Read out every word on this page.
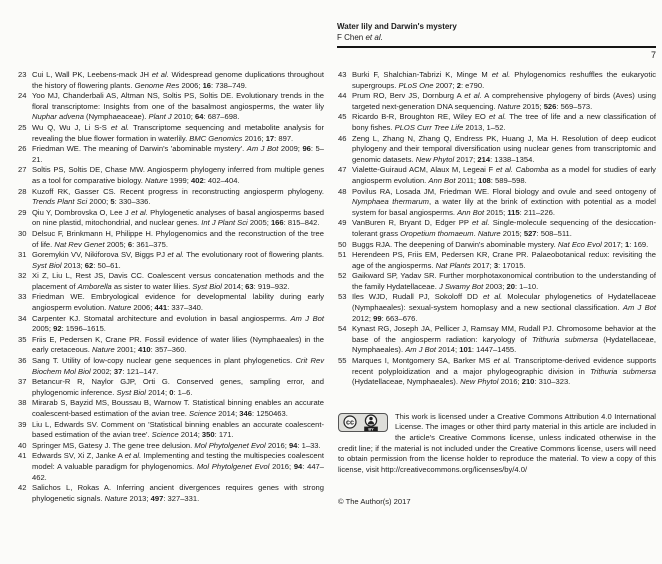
Water lily and Darwin's mystery
F Chen et al.
7
23 Cui L, Wall PK, Leebens-mack JH et al. Widespread genome duplications throughout the history of flowering plants. Genome Res 2006; 16: 738–749.
24 Yoo MJ, Chanderbali AS, Altman NS, Soltis PS, Soltis DE. Evolutionary trends in the floral transcriptome: Insights from one of the basalmost angiosperms, the water lily Nuphar advena (Nymphaeaceae). Plant J 2010; 64: 687–698.
25 Wu Q, Wu J, Li S-S et al. Transcriptome sequencing and metabolite analysis for revealing the blue flower formation in waterlily. BMC Genomics 2016; 17: 897.
26 Friedman WE. The meaning of Darwin's 'abominable mystery'. Am J Bot 2009; 96: 5–21.
27 Soltis PS, Soltis DE, Chase MW. Angiosperm phylogeny inferred from multiple genes as a tool for comparative biology. Nature 1999; 402: 402–404.
28 Kuzoff RK, Gasser CS. Recent progress in reconstructing angiosperm phylogeny. Trends Plant Sci 2000; 5: 330–336.
29 Qiu Y, Dombrovska O, Lee J et al. Phylogenetic analyses of basal angiosperms based on nine plastid, mitochondrial, and nuclear genes. Int J Plant Sci 2005; 166: 815–842.
30 Delsuc F, Brinkmann H, Philippe H. Phylogenomics and the reconstruction of the tree of life. Nat Rev Genet 2005; 6: 361–375.
31 Goremykin VV, Nikiforova SV, Biggs PJ et al. The evolutionary root of flowering plants. Syst Biol 2013; 62: 50–61.
32 Xi Z, Liu L, Rest JS, Davis CC. Coalescent versus concatenation methods and the placement of Amborella as sister to water lilies. Syst Biol 2014; 63: 919–932.
33 Friedman WE. Embryological evidence for developmental lability during early angiosperm evolution. Nature 2006; 441: 337–340.
34 Carpenter KJ. Stomatal architecture and evolution in basal angiosperms. Am J Bot 2005; 92: 1596–1615.
35 Friis E, Pedersen K, Crane PR. Fossil evidence of water lilies (Nymphaeales) in the early cretaceous. Nature 2001; 410: 357–360.
36 Sang T. Utility of low-copy nuclear gene sequences in plant phylogenetics. Crit Rev Biochem Mol Biol 2002; 37: 121–147.
37 Betancur-R R, Naylor GJP, Orti G. Conserved genes, sampling error, and phylogenomic inference. Syst Biol 2014; 0: 1–6.
38 Mirarab S, Bayzid MS, Boussau B, Warnow T. Statistical binning enables an accurate coalescent-based estimation of the avian tree. Science 2014; 346: 1250463.
39 Liu L, Edwards SV. Comment on 'Statistical binning enables an accurate coalescent-based estimation of the avian tree'. Science 2014; 350: 171.
40 Springer MS, Gatesy J. The gene tree delusion. Mol Phytolgenet Evol 2016; 94: 1–33.
41 Edwards SV, Xi Z, Janke A et al. Implementing and testing the multispecies coalescent model: A valuable paradigm for phylogenomics. Mol Phytolgenet Evol 2016; 94: 447–462.
42 Salichos L, Rokas A. Inferring ancient divergences requires genes with strong phylogenetic signals. Nature 2013; 497: 327–331.
43 Burki F, Shalchian-Tabrizi K, Minge M et al. Phylogenomics reshuffles the eukaryotic supergroups. PLoS One 2007; 2: e790.
44 Prum RO, Berv JS, Dornburg A et al. A comprehensive phylogeny of birds (Aves) using targeted next-generation DNA sequencing. Nature 2015; 526: 569–573.
45 Ricardo B-R, Broughton RE, Wiley EO et al. The tree of life and a new classification of bony fishes. PLOS Curr Tree Life 2013, 1–52.
46 Zeng L, Zhang N, Zhang Q, Endress PK, Huang J, Ma H. Resolution of deep eudicot phylogeny and their temporal diversification using nuclear genes from transcriptomic and genomic datasets. New Phytol 2017; 214: 1338–1354.
47 Vialette-Guiraud ACM, Alaux M, Legeai F et al. Cabomba as a model for studies of early angiosperm evolution. Ann Bot 2011; 108: 589–598.
48 Povilus RA, Losada JM, Friedman WE. Floral biology and ovule and seed ontogeny of Nymphaea thermarum, a water lily at the brink of extinction with potential as a model system for basal angiosperms. Ann Bot 2015; 115: 211–226.
49 VanBuren R, Bryant D, Edger PP et al. Single-molecule sequencing of the desiccation-tolerant grass Oropetium thomaeum. Nature 2015; 527: 508–511.
50 Buggs RJA. The deepening of Darwin's abominable mystery. Nat Eco Evol 2017; 1: 169.
51 Herendeen PS, Friis EM, Pedersen KR, Crane PR. Palaeobotanical redux: revisiting the age of the angiosperms. Nat Plants 2017; 3: 17015.
52 Gaikward SP, Yadav SR. Further morphotaxonomical contribution to the understanding of the family Hydatellaceae. J Swamy Bot 2003; 20: 1–10.
53 Iles WJD, Rudall PJ, Sokoloff DD et al. Molecular phylogenetics of Hydatellaceae (Nymphaeales): sexual-system homoplasy and a new sectional classification. Am J Bot 2012; 99: 663–676.
54 Kynast RG, Joseph JA, Pellicer J, Ramsay MM, Rudall PJ. Chromosome behavior at the base of the angiosperm radiation: karyology of Trithuria submersa (Hydatellaceae, Nymphaeales). Am J Bot 2014; 101: 1447–1455.
55 Marques I, Montgomery SA, Barker MS et al. Transcriptome-derived evidence supports recent polyploidization and a major phylogeographic division in Trithuria submersa (Hydatellaceae, Nymphaeales). New Phytol 2016; 210: 310–323.

cc
BY
This work is licensed under a Creative Commons Attribution 4.0 International License. The images or other third party material in this article are included in the article's Creative Commons license, unless indicated otherwise in the credit line; if the material is not included under the Creative Commons license, users will need to obtain permission from the license holder to reproduce the material. To view a copy of this license, visit http://creativecommons.org/licenses/by/4.0/

© The Author(s) 2017
